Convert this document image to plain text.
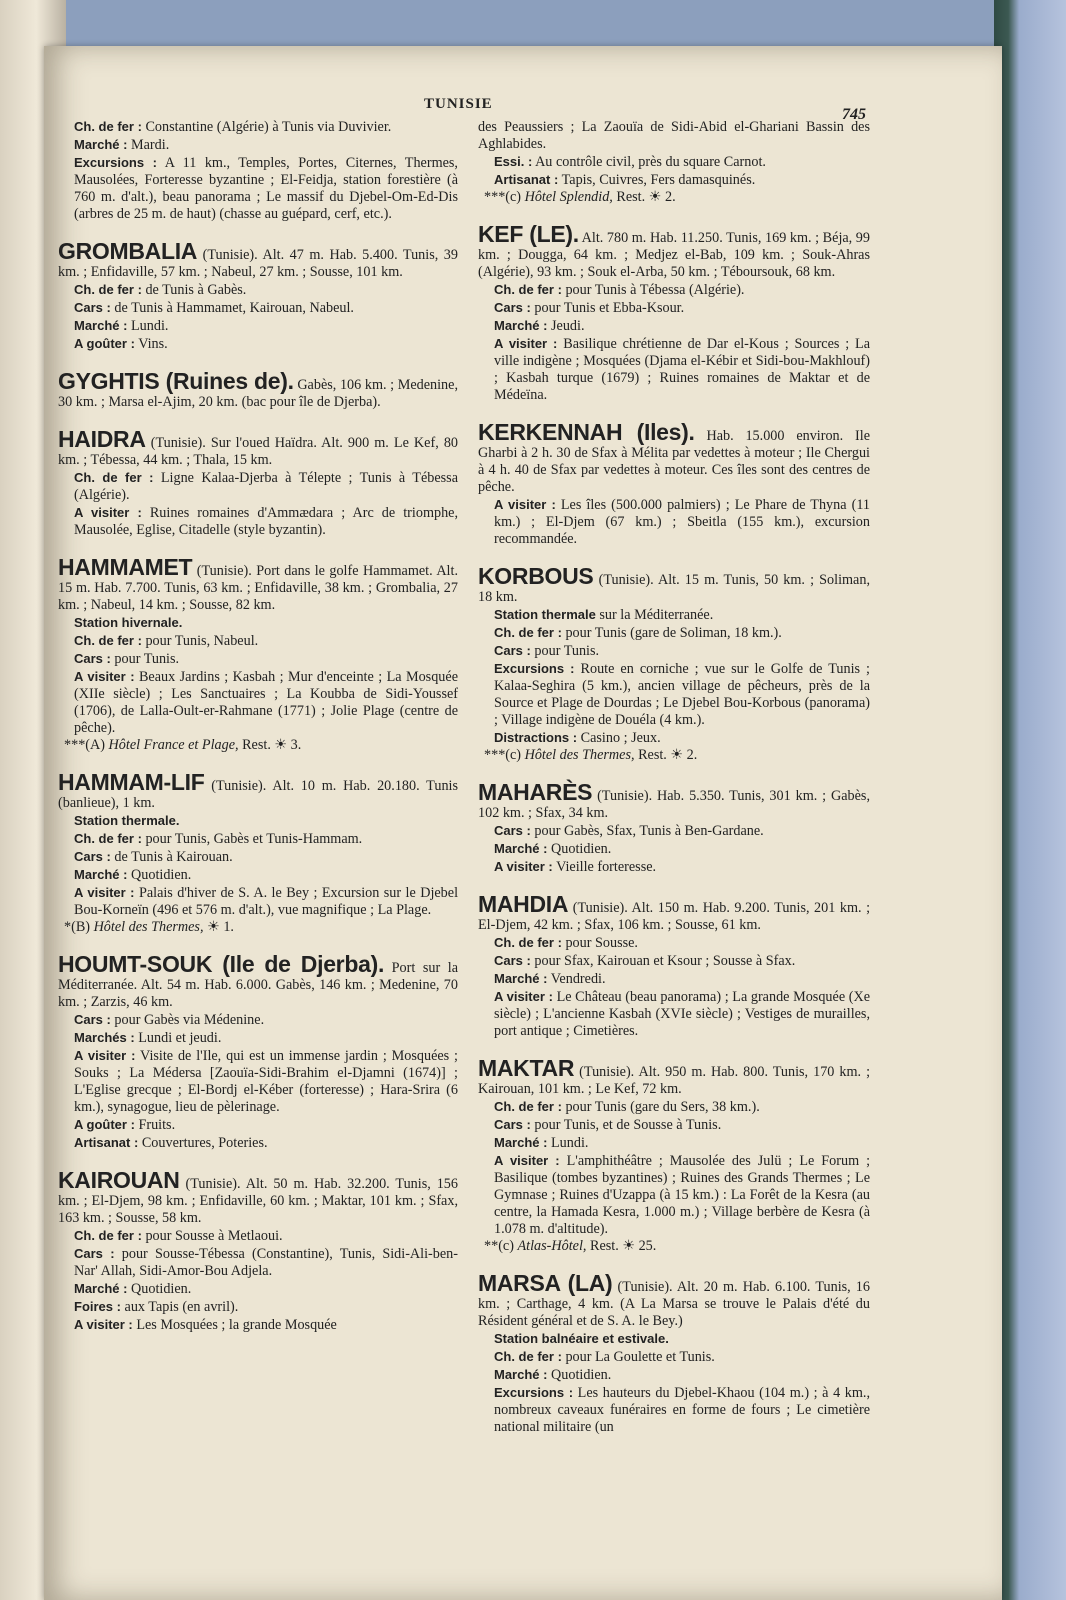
TUNISIE
745

Ch. de fer : Constantine (Algérie) à Tunis via Duvivier.

Marché : Mardi.

Excursions : A 11 km., Temples, Portes, Citernes, Thermes, Mausolées, Forteresse byzantine ; El-Feidja, station forestière (à 760 m. d'alt.), beau panorama ; Le massif du Djebel-Om-Ed-Dis (arbres de 25 m. de haut) (chasse au guépard, cerf, etc.).

GROMBALIA (Tunisie). Alt. 47 m. Hab. 5.400. Tunis, 39 km. ; Enfidaville, 57 km. ; Nabeul, 27 km. ; Sousse, 101 km.

Ch. de fer : de Tunis à Gabès.

Cars : de Tunis à Hammamet, Kairouan, Nabeul.

Marché : Lundi.

A goûter : Vins.

GYGHTIS (Ruines de). Gabès, 106 km. ; Medenine, 30 km. ; Marsa el-Ajim, 20 km. (bac pour île de Djerba).

HAIDRA (Tunisie). Sur l'oued Haïdra. Alt. 900 m. Le Kef, 80 km. ; Tébessa, 44 km. ; Thala, 15 km.

Ch. de fer : Ligne Kalaa-Djerba à Télepte ; Tunis à Tébessa (Algérie).

A visiter : Ruines romaines d'Ammædara ; Arc de triomphe, Mausolée, Eglise, Citadelle (style byzantin).

HAMMAMET (Tunisie). Port dans le golfe Hammamet. Alt. 15 m. Hab. 7.700. Tunis, 63 km. ; Enfidaville, 38 km. ; Grombalia, 27 km. ; Nabeul, 14 km. ; Sousse, 82 km.

Station hivernale.

Ch. de fer : pour Tunis, Nabeul.

Cars : pour Tunis.

A visiter : Beaux Jardins ; Kasbah ; Mur d'enceinte ; La Mosquée (XIIe siècle) ; Les Sanctuaires ; La Koubba de Sidi-Youssef (1706), de Lalla-Oult-er-Rahmane (1771) ; Jolie Plage (centre de pêche).

***(A) Hôtel France et Plage, Rest. ☀ 3.

HAMMAM-LIF (Tunisie). Alt. 10 m. Hab. 20.180. Tunis (banlieue), 1 km.

Station thermale.

Ch. de fer : pour Tunis, Gabès et Tunis-Hammam.

Cars : de Tunis à Kairouan.

Marché : Quotidien.

A visiter : Palais d'hiver de S. A. le Bey ; Excursion sur le Djebel Bou-Korneïn (496 et 576 m. d'alt.), vue magnifique ; La Plage.

*(B) Hôtel des Thermes, ☀ 1.

HOUMT-SOUK (Ile de Djerba). Port sur la Méditerranée. Alt. 54 m. Hab. 6.000. Gabès, 146 km. ; Medenine, 70 km. ; Zarzis, 46 km.

Cars : pour Gabès via Médenine.

Marchés : Lundi et jeudi.

A visiter : Visite de l'Ile, qui est un immense jardin ; Mosquées ; Souks ; La Médersa [Zaouïa-Sidi-Brahim el-Djamni (1674)] ; L'Eglise grecque ; El-Bordj el-Kéber (forteresse) ; Hara-Srira (6 km.), synagogue, lieu de pèlerinage.

A goûter : Fruits.

Artisanat : Couvertures, Poteries.

KAIROUAN (Tunisie). Alt. 50 m. Hab. 32.200. Tunis, 156 km. ; El-Djem, 98 km. ; Enfidaville, 60 km. ; Maktar, 101 km. ; Sfax, 163 km. ; Sousse, 58 km.

Ch. de fer : pour Sousse à Metlaoui.

Cars : pour Sousse-Tébessa (Constantine), Tunis, Sidi-Ali-ben-Nar' Allah, Sidi-Amor-Bou Adjela.

Marché : Quotidien.

Foires : aux Tapis (en avril).

A visiter : Les Mosquées ; la grande Mosquée

des Peaussiers ; La Zaouïa de Sidi-Abid el-Ghariani Bassin des Aghlabides.

Essi. : Au contrôle civil, près du square Carnot.

Artisanat : Tapis, Cuivres, Fers damasquinés.

***(c) Hôtel Splendid, Rest. ☀ 2.

KEF (LE). Alt. 780 m. Hab. 11.250. Tunis, 169 km. ; Béja, 99 km. ; Dougga, 64 km. ; Medjez el-Bab, 109 km. ; Souk-Ahras (Algérie), 93 km. ; Souk el-Arba, 50 km. ; Téboursouk, 68 km.

Ch. de fer : pour Tunis à Tébessa (Algérie).

Cars : pour Tunis et Ebba-Ksour.

Marché : Jeudi.

A visiter : Basilique chrétienne de Dar el-Kous ; Sources ; La ville indigène ; Mosquées (Djama el-Kébir et Sidi-bou-Makhlouf) ; Kasbah turque (1679) ; Ruines romaines de Maktar et de Médeïna.

KERKENNAH (Iles). Hab. 15.000 environ. Ile Gharbi à 2 h. 30 de Sfax à Mélita par vedettes à moteur ; Ile Chergui à 4 h. 40 de Sfax par vedettes à moteur. Ces îles sont des centres de pêche.

A visiter : Les îles (500.000 palmiers) ; Le Phare de Thyna (11 km.) ; El-Djem (67 km.) ; Sbeitla (155 km.), excursion recommandée.

KORBOUS (Tunisie). Alt. 15 m. Tunis, 50 km. ; Soliman, 18 km.

Station thermale sur la Méditerranée.

Ch. de fer : pour Tunis (gare de Soliman, 18 km.).

Cars : pour Tunis.

Excursions : Route en corniche ; vue sur le Golfe de Tunis ; Kalaa-Seghira (5 km.), ancien village de pêcheurs, près de la Source et Plage de Dourdas ; Le Djebel Bou-Korbous (panorama) ; Village indigène de Douéla (4 km.).

Distractions : Casino ; Jeux.

***(c) Hôtel des Thermes, Rest. ☀ 2.

MAHARÈS (Tunisie). Hab. 5.350. Tunis, 301 km. ; Gabès, 102 km. ; Sfax, 34 km.

Cars : pour Gabès, Sfax, Tunis à Ben-Gardane.

Marché : Quotidien.

A visiter : Vieille forteresse.

MAHDIA (Tunisie). Alt. 150 m. Hab. 9.200. Tunis, 201 km. ; El-Djem, 42 km. ; Sfax, 106 km. ; Sousse, 61 km.

Ch. de fer : pour Sousse.

Cars : pour Sfax, Kairouan et Ksour ; Sousse à Sfax.

Marché : Vendredi.

A visiter : Le Château (beau panorama) ; La grande Mosquée (Xe siècle) ; L'ancienne Kasbah (XVIe siècle) ; Vestiges de murailles, port antique ; Cimetières.

MAKTAR (Tunisie). Alt. 950 m. Hab. 800. Tunis, 170 km. ; Kairouan, 101 km. ; Le Kef, 72 km.

Ch. de fer : pour Tunis (gare du Sers, 38 km.).

Cars : pour Tunis, et de Sousse à Tunis.

Marché : Lundi.

A visiter : L'amphithéâtre ; Mausolée des Julü ; Le Forum ; Basilique (tombes byzantines) ; Ruines des Grands Thermes ; Le Gymnase ; Ruines d'Uzappa (à 15 km.) : La Forêt de la Kesra (au centre, la Hamada Kesra, 1.000 m.) ; Village berbère de Kesra (à 1.078 m. d'altitude).

**(c) Atlas-Hôtel, Rest. ☀ 25.

MARSA (LA) (Tunisie). Alt. 20 m. Hab. 6.100. Tunis, 16 km. ; Carthage, 4 km. (A La Marsa se trouve le Palais d'été du Résident général et de S. A. le Bey.)

Station balnéaire et estivale.

Ch. de fer : pour La Goulette et Tunis.

Marché : Quotidien.

Excursions : Les hauteurs du Djebel-Khaou (104 m.) ; à 4 km., nombreux caveaux funéraires en forme de fours ; Le cimetière national militaire (un
